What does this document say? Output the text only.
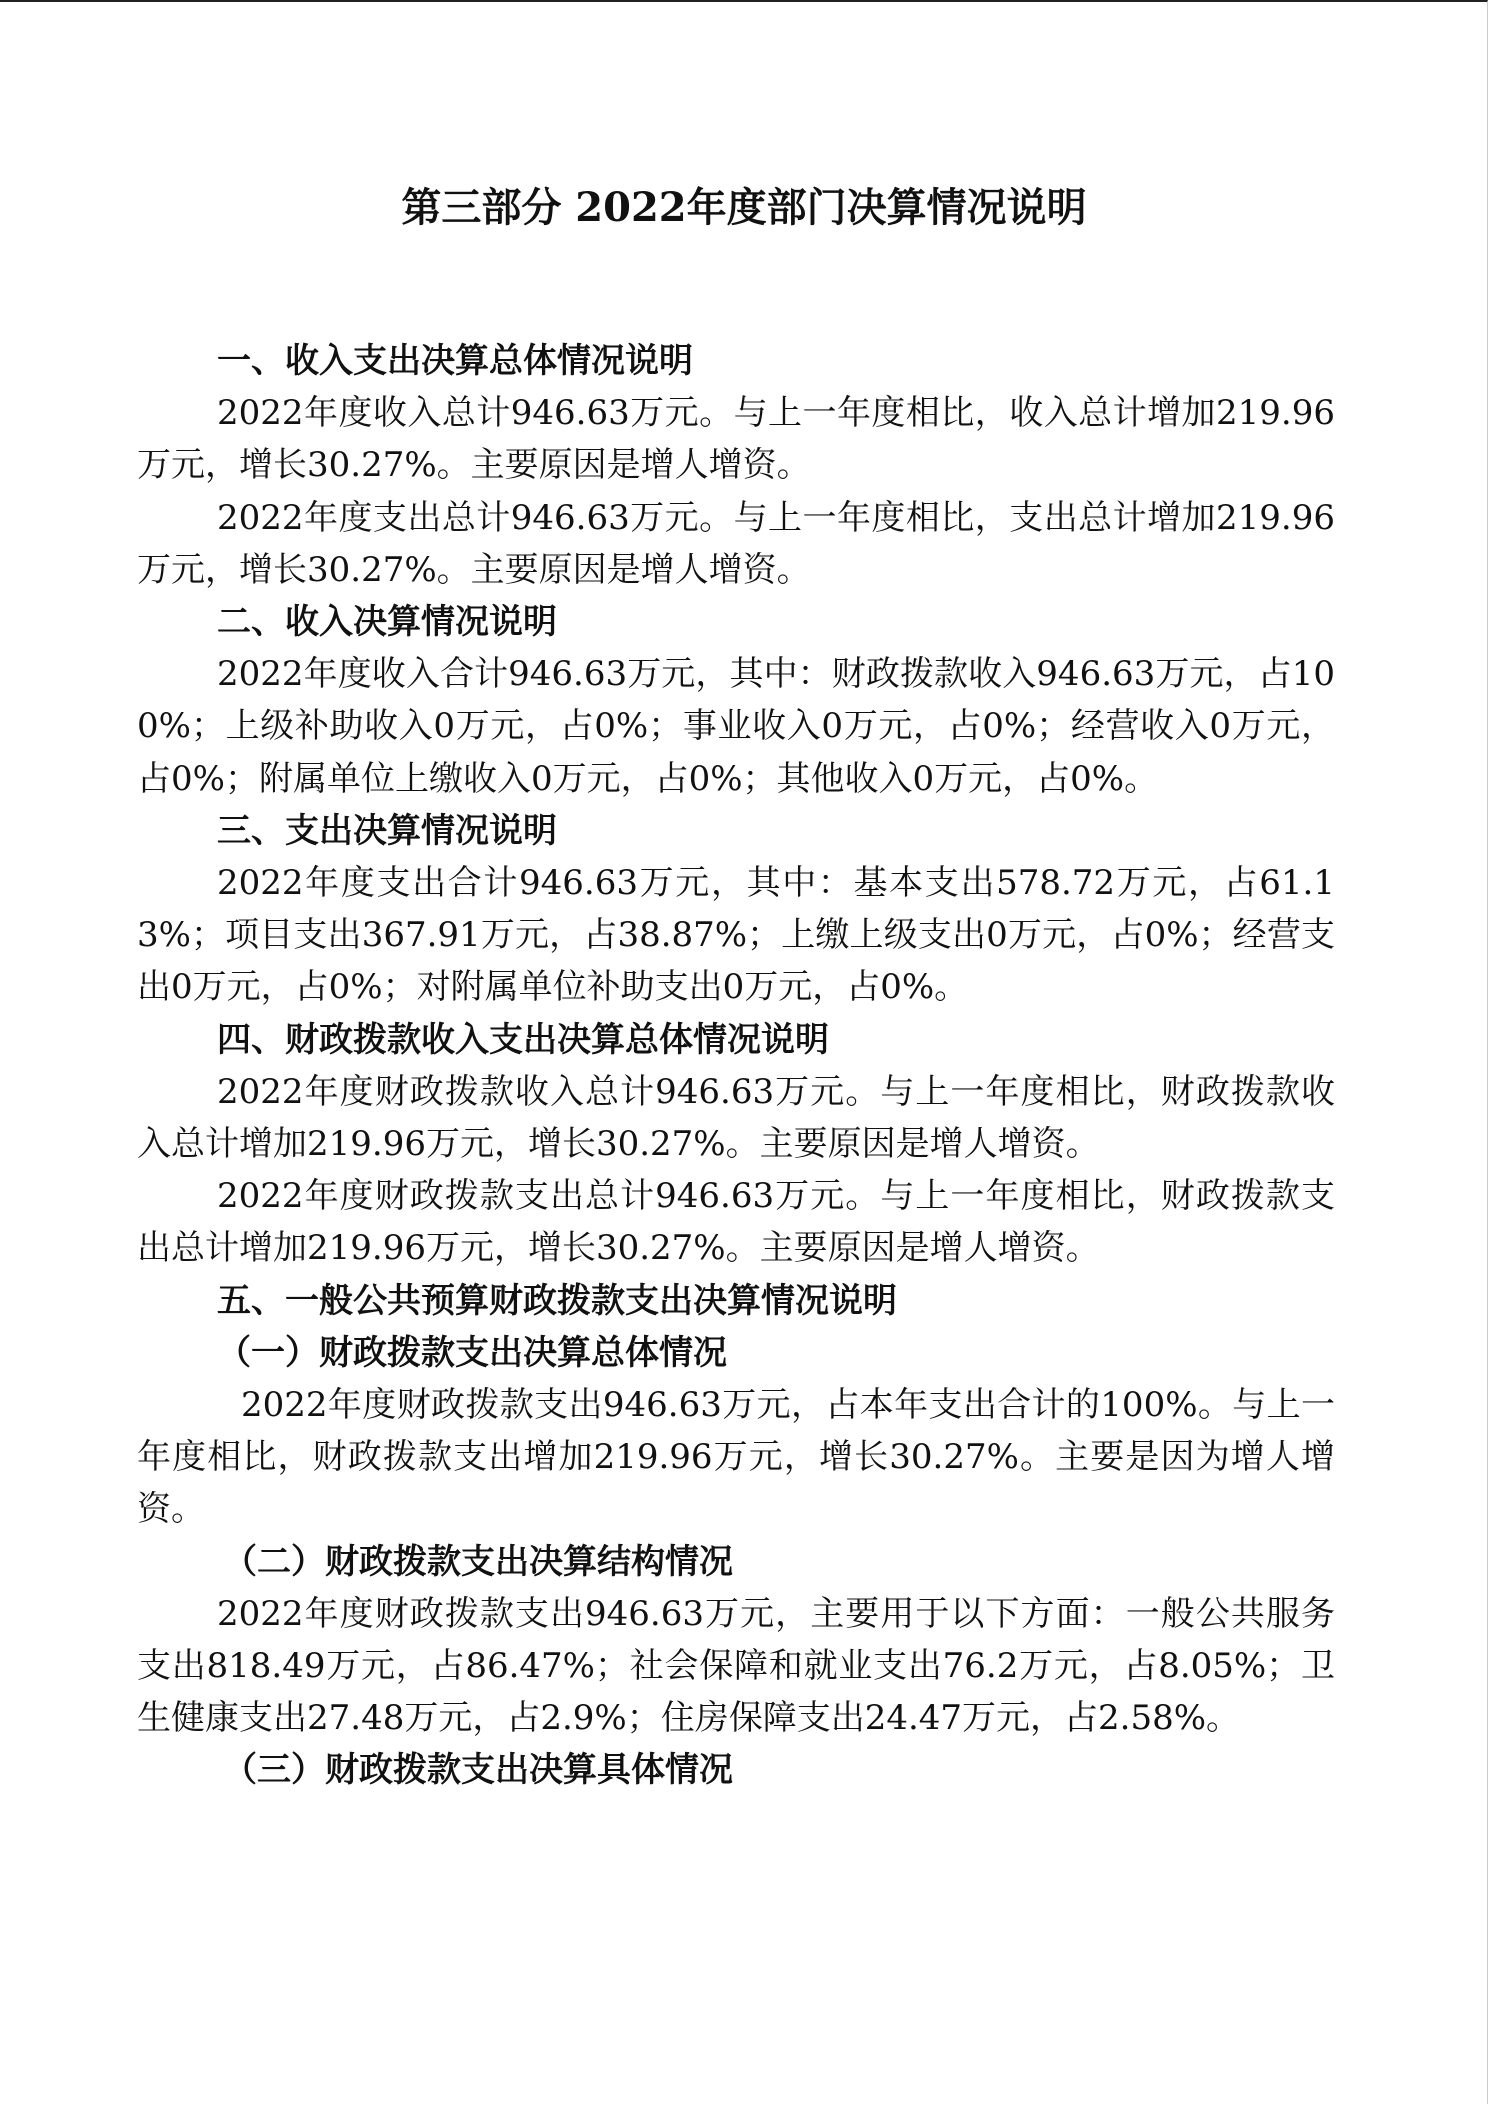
第三部分 2022年度部门决算情况说明

一、收入支出决算总体情况说明

2022年度收入总计946.63万元。与上一年度相比，收入总计增加219.96万元，增长30.27%。主要原因是增人增资。

2022年度支出总计946.63万元。与上一年度相比，支出总计增加219.96万元，增长30.27%。主要原因是增人增资。

二、收入决算情况说明

2022年度收入合计946.63万元，其中：财政拨款收入946.63万元，占100%；上级补助收入0万元，占0%；事业收入0万元，占0%；经营收入0万元，占0%；附属单位上缴收入0万元，占0%；其他收入0万元，占0%。

三、支出决算情况说明

2022年度支出合计946.63万元，其中：基本支出578.72万元，占61.13%；项目支出367.91万元，占38.87%；上缴上级支出0万元，占0%；经营支出0万元，占0%；对附属单位补助支出0万元，占0%。

四、财政拨款收入支出决算总体情况说明

2022年度财政拨款收入总计946.63万元。与上一年度相比，财政拨款收入总计增加219.96万元，增长30.27%。主要原因是增人增资。

2022年度财政拨款支出总计946.63万元。与上一年度相比，财政拨款支出总计增加219.96万元，增长30.27%。主要原因是增人增资。

五、一般公共预算财政拨款支出决算情况说明

（一）财政拨款支出决算总体情况

2022年度财政拨款支出946.63万元，占本年支出合计的100%。与上一年度相比，财政拨款支出增加219.96万元，增长30.27%。主要是因为增人增资。

（二）财政拨款支出决算结构情况

2022年度财政拨款支出946.63万元，主要用于以下方面：一般公共服务支出818.49万元，占86.47%；社会保障和就业支出76.2万元，占8.05%；卫生健康支出27.48万元，占2.9%；住房保障支出24.47万元，占2.58%。

（三）财政拨款支出决算具体情况
